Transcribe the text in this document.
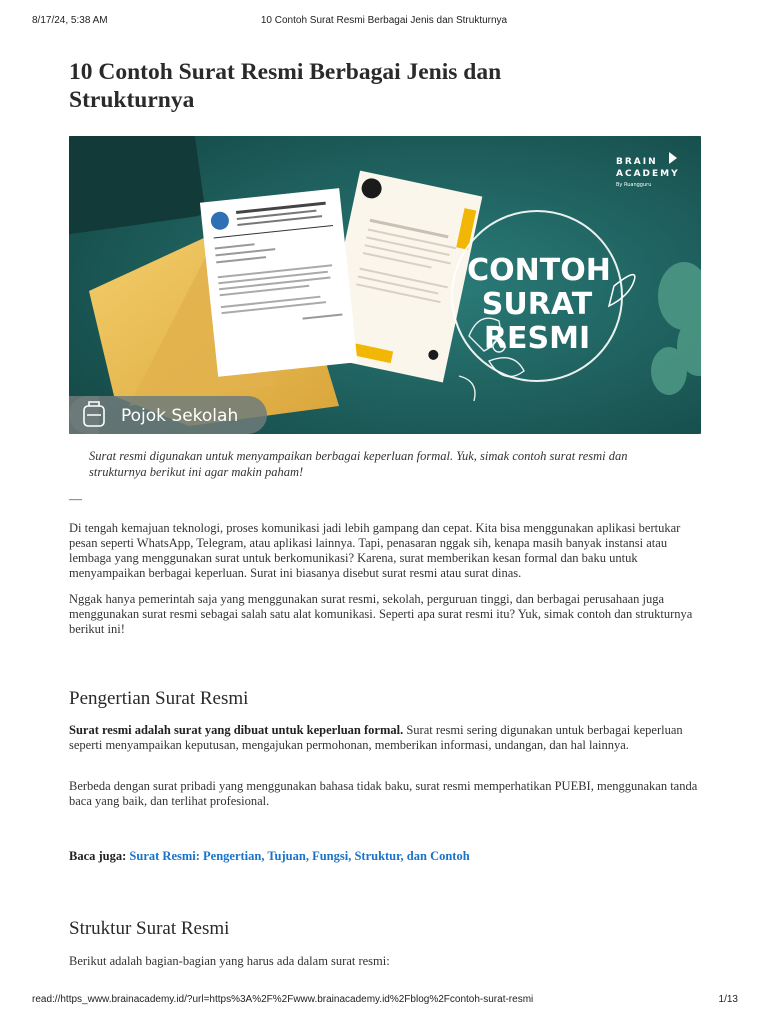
8/17/24, 5:38 AM	10 Contoh Surat Resmi Berbagai Jenis dan Strukturnya
10 Contoh Surat Resmi Berbagai Jenis dan
Strukturnya
CONTOH
SURAT
RESMI
BRAIN
ACADEMY
By Ruangguru
Pojok Sekolah

Surat resmi digunakan untuk menyampaikan berbagai keperluan formal. Yuk, simak contoh surat resmi dan strukturnya berikut ini agar makin paham!

—

Di tengah kemajuan teknologi, proses komunikasi jadi lebih gampang dan cepat. Kita bisa menggunakan aplikasi bertukar pesan seperti WhatsApp, Telegram, atau aplikasi lainnya. Tapi, penasaran nggak sih, kenapa masih banyak instansi atau lembaga yang menggunakan surat untuk berkomunikasi? Karena, surat memberikan kesan formal dan baku untuk menyampaikan berbagai keperluan. Surat ini biasanya disebut surat resmi atau surat dinas.

Nggak hanya pemerintah saja yang menggunakan surat resmi, sekolah, perguruan tinggi, dan berbagai perusahaan juga menggunakan surat resmi sebagai salah satu alat komunikasi. Seperti apa surat resmi itu? Yuk, simak contoh dan strukturnya berikut ini!

Pengertian Surat Resmi

Surat resmi adalah surat yang dibuat untuk keperluan formal. Surat resmi sering digunakan untuk berbagai keperluan seperti menyampaikan keputusan, mengajukan permohonan, memberikan informasi, undangan, dan hal lainnya.

Berbeda dengan surat pribadi yang menggunakan bahasa tidak baku, surat resmi memperhatikan PUEBI, menggunakan tanda baca yang baik, dan terlihat profesional.

Baca juga: Surat Resmi: Pengertian, Tujuan, Fungsi, Struktur, dan Contoh
Struktur Surat Resmi

Berikut adalah bagian-bagian yang harus ada dalam surat resmi:

read://https_www.brainacademy.id/?url=https%3A%2F%2Fwww.brainacademy.id%2Fblog%2Fcontoh-surat-resmi	1/13
